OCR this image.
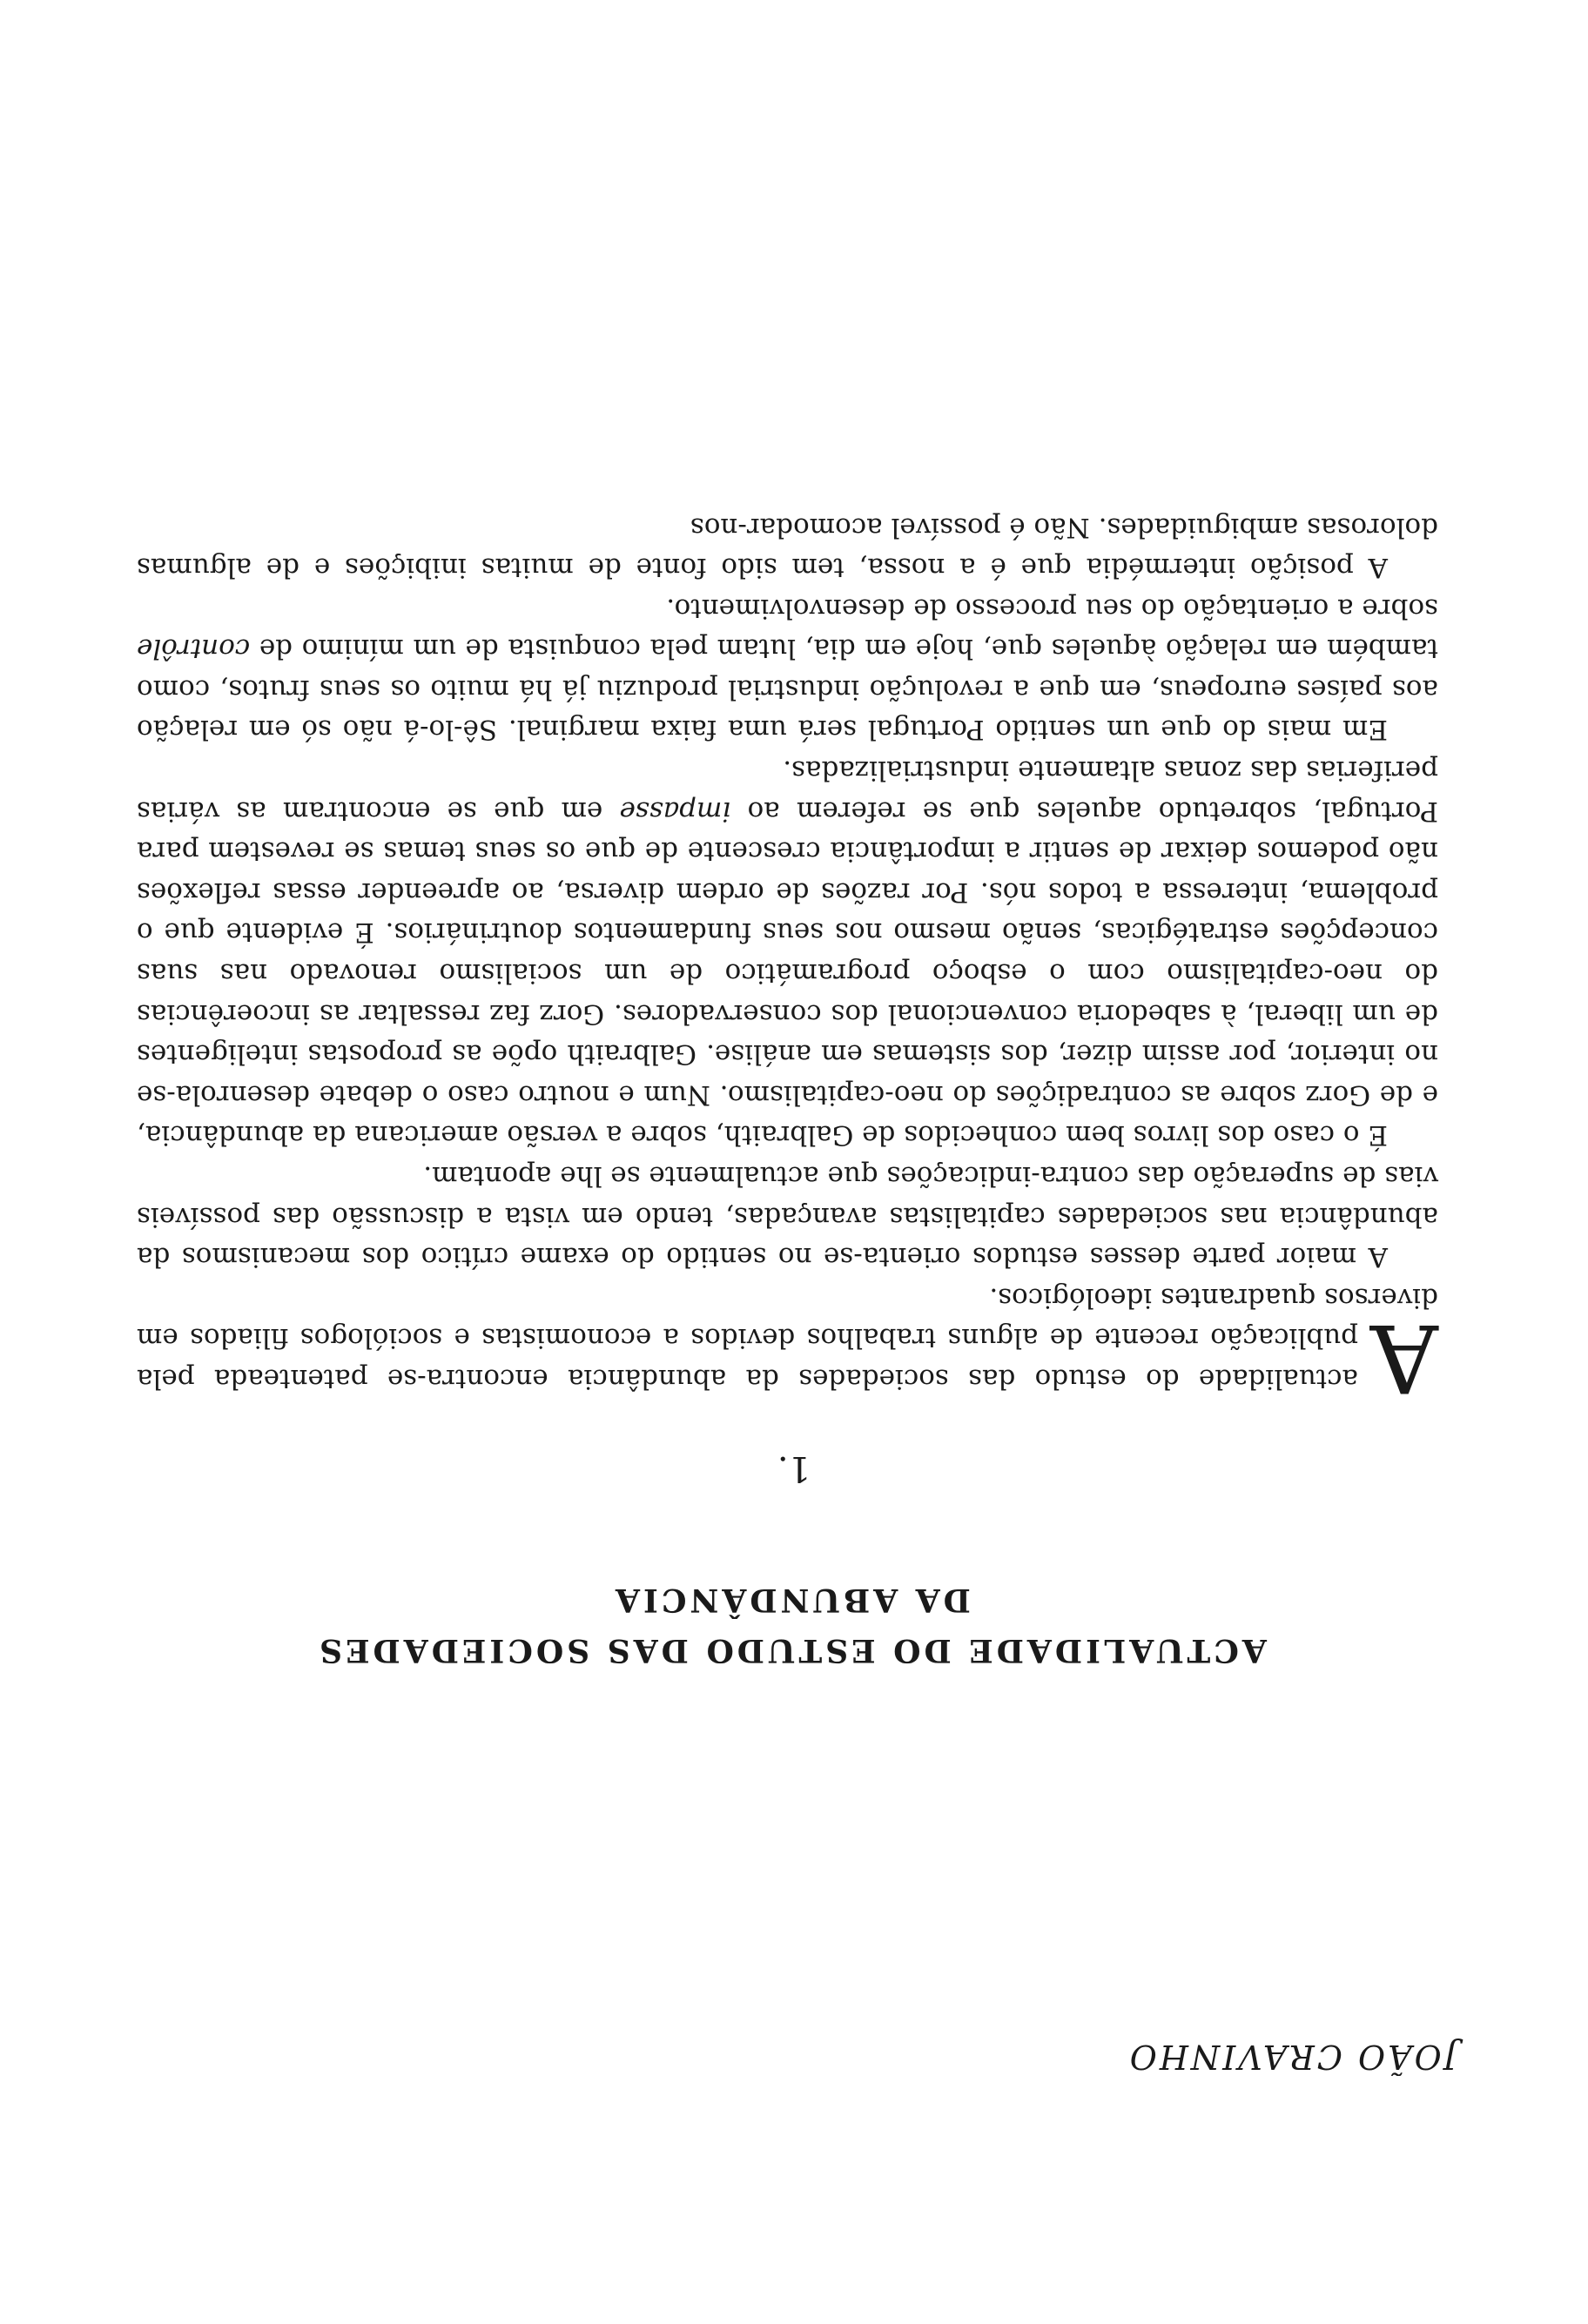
JOÃO CRAVINHO
ACTUALIDADE DO ESTUDO DAS SOCIEDADES
DA ABUNDÂNCIA
1.

A
actualidade do estudo das sociedades da abundância encontra-se patenteada pela publicação recente de alguns trabalhos devidos a economistas e sociólogos filiados em diversos quadrantes ideológicos.

A maior parte desses estudos orienta-se no sentido do exame crítico dos mecanismos da abundância nas sociedades capitalistas avançadas, tendo em vista a discussão das possíveis vias de superação das contra-indicações que actualmente se lhe apontam.

É o caso dos livros bem conhecidos de Galbraith, sobre a versão americana da abundância, e de Gorz sobre as contradições do neo-capitalismo. Num e noutro caso o debate desenrola-se no interior, por assim dizer, dos sistemas em análise. Galbraith opõe as propostas inteligentes de um liberal, à sabedoria convencional dos conservadores. Gorz faz ressaltar as incoerências do neo-capitalismo com o esboço programático de um socialismo renovado nas suas concepções estratégicas, senão mesmo nos seus fundamentos doutrinários. É evidente que o problema, interessa a todos nós. Por razões de ordem diversa, ao apreender essas reflexões não podemos deixar de sentir a importância crescente de que os seus temas se revestem para Portugal, sobretudo aqueles que se referem ao impasse em que se encontram as várias periferias das zonas altamente industrializadas.

Em mais do que um sentido Portugal será uma faixa marginal. Sê-lo-á não só em relação aos países europeus, em que a revolução industrial produziu já há muito os seus frutos, como também em relação àqueles que, hoje em dia, lutam pela conquista de um mínimo de contrôle sobre a orientação do seu processo de desenvolvimento.

A posição intermédia que é a nossa, tem sido fonte de muitas inibições e de algumas dolorosas ambiguidades. Não é possível acomodar-nos
